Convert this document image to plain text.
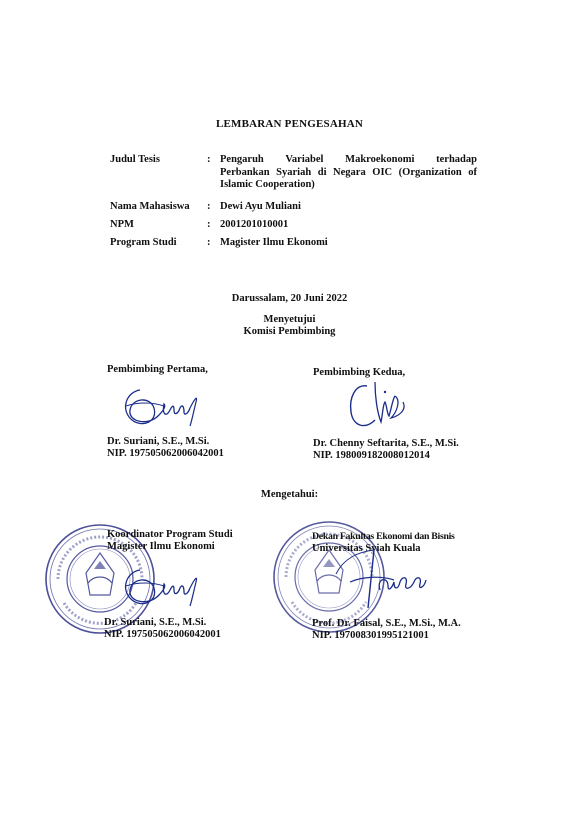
LEMBARAN PENGESAHAN
Judul Tesis	: Pengaruh Variabel Makroekonomi terhadap
Perbankan Syariah di Negara OIC (Organization of
Islamic Cooperation)
Nama Mahasiswa : Dewi Ayu Muliani
NPM	: 2001201010001
Program Studi	: Magister Ilmu Ekonomi
Darussalam, 20 Juni 2022
Menyetujui
Komisi Pembimbing
Pembimbing Pertama,
Dr. Suriani, S.E., M.Si.
NIP. 197505062006042001
Pembimbing Kedua,
Dr. Chenny Seftarita, S.E., M.Si.
NIP. 198009182008012014
Mengetahui:
Koordinator Program Studi
Magister Ilmu Ekonomi
Dr. Suriani, S.E., M.Si.
NIP. 197505062006042001
Dekan Fakultas Ekonomi dan Bisnis
Universitas Syiah Kuala
Prof. Dr. Faisal, S.E., M.Si., M.A.
NIP. 197008301995121001
